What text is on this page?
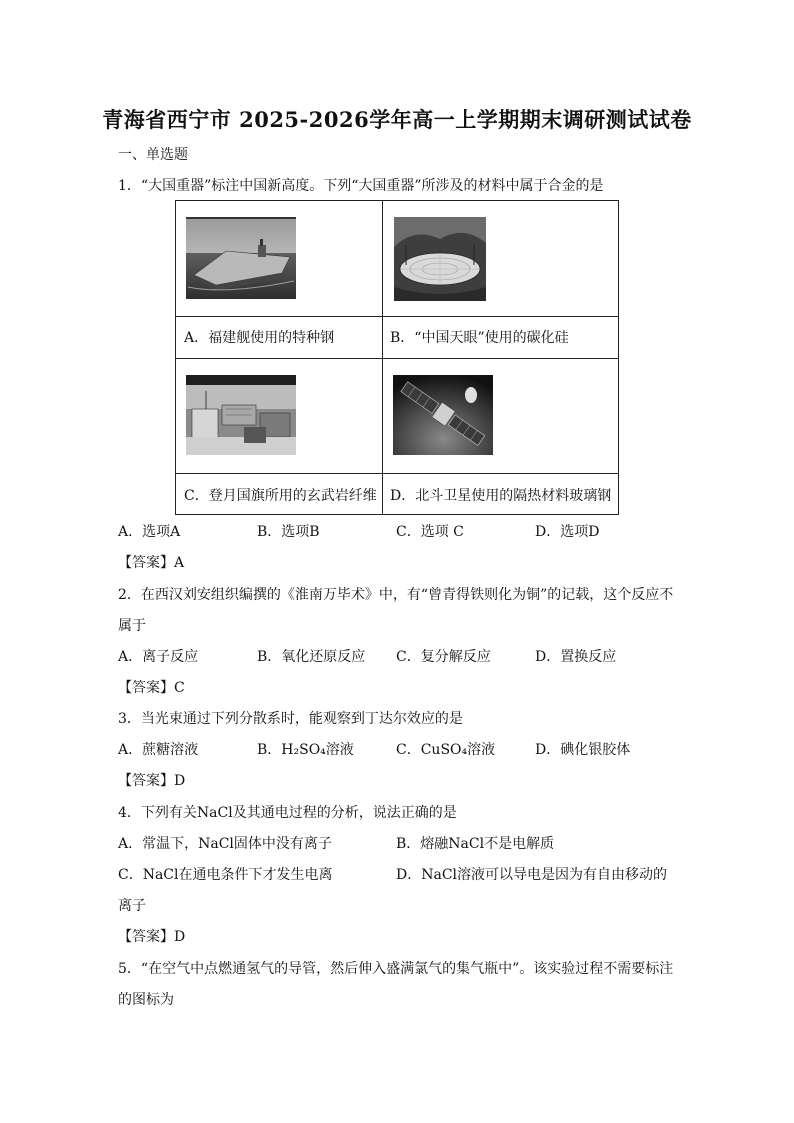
青海省西宁市 2025-2026学年高一上学期期末调研测试试卷
一、单选题
1．“大国重器”标注中国新高度。下列“大国重器”所涉及的材料中属于合金的是
A．福建舰使用的特种钢	B．“中国天眼”使用的碳化硅
C．登月国旗所用的玄武岩纤维 D．北斗卫星使用的隔热材料玻璃钢
A．选项A	B．选项B	C．选项 C	D．选项D
【答案】A
2．在西汉刘安组织编撰的《淮南万毕术》中，有“曾青得铁则化为铜”的记载，这个反应不
属于
A．离子反应	B．氧化还原反应 C．复分解反应	D．置换反应
【答案】C
3．当光束通过下列分散系时，能观察到丁达尔效应的是
A．蔗糖溶液	B．H₂SO₄溶液	C．CuSO₄溶液	D．碘化银胶体
【答案】D
4．下列有关NaCl及其通电过程的分析，说法正确的是
A．常温下，NaCl固体中没有离子	B．熔融NaCl不是电解质
C．NaCl在通电条件下才发生电离	D．NaCl溶液可以导电是因为有自由移动的
离子
【答案】D
5．“在空气中点燃通氢气的导管，然后伸入盛满氯气的集气瓶中”。该实验过程不需要标注
的图标为
